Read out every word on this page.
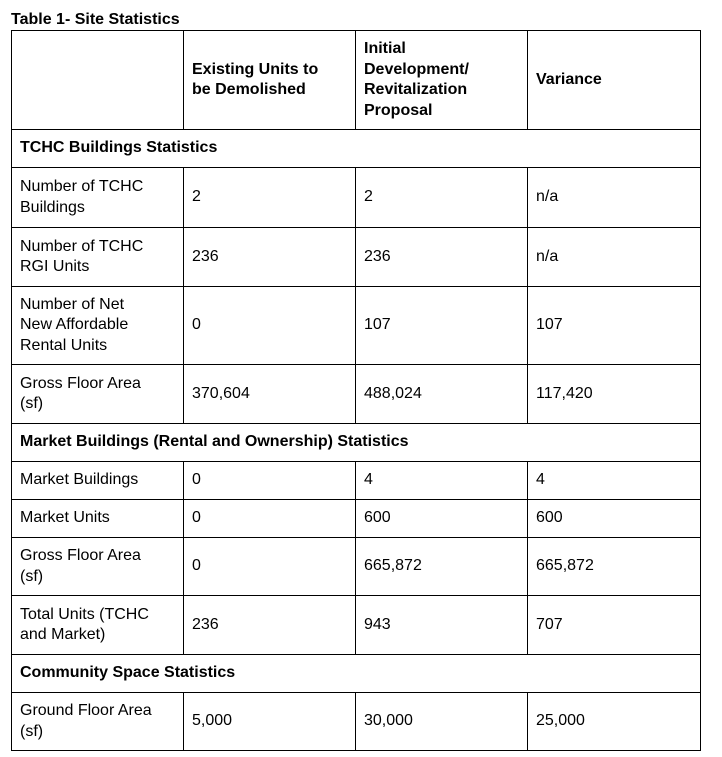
Table 1- Site Statistics

	Existing Units to
be Demolished	Initial
Development/
Revitalization
Proposal	Variance
TCHC Buildings Statistics			

Number of TCHC
Buildings	2	2	n/a

Number of TCHC
RGI Units	236	236	n/a

Number of Net
New Affordable
Rental Units	0	107	107

Gross Floor Area
(sf)	370,604	488,024	117,420
Market Buildings (Rental and Ownership) Statistics			

Market Buildings	0	4	4

Market Units	0	600	600

Gross Floor Area
(sf)	0	665,872	665,872

Total Units (TCHC
and Market)	236	943	707
Community Space Statistics			

Ground Floor Area
(sf)	5,000	30,000	25,000
